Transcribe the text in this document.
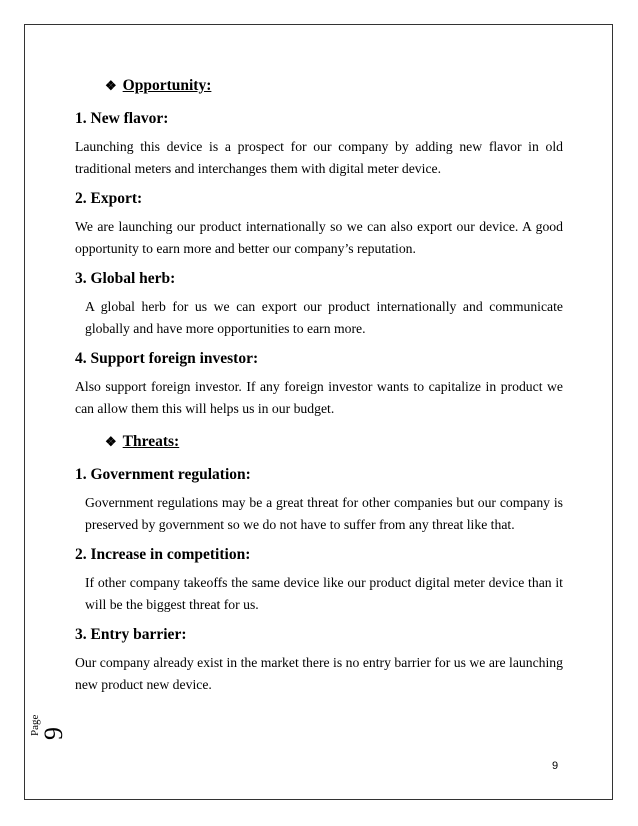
❖ Opportunity:
1. New flavor:

Launching this device is a prospect for our company by adding new flavor in old traditional meters and interchanges them with digital meter device.

2. Export:

We are launching our product internationally so we can also export our device. A good opportunity to earn more and better our company’s reputation.

3. Global herb:

A global herb for us we can export our product internationally and communicate globally and have more opportunities to earn more.

4. Support foreign investor:

Also support foreign investor. If any foreign investor wants to capitalize in product we can allow them this will helps us in our budget.

❖ Threats:
1. Government regulation:

Government regulations may be a great threat for other companies but our company is preserved by government so we do not have to suffer from any threat like that.

2. Increase in competition:

If other company takeoffs the same device like our product digital meter device than it will be the biggest threat for us.

3. Entry barrier:

Our company already exist in the market there is no entry barrier for us we are launching new product new device.

Page
9
9
